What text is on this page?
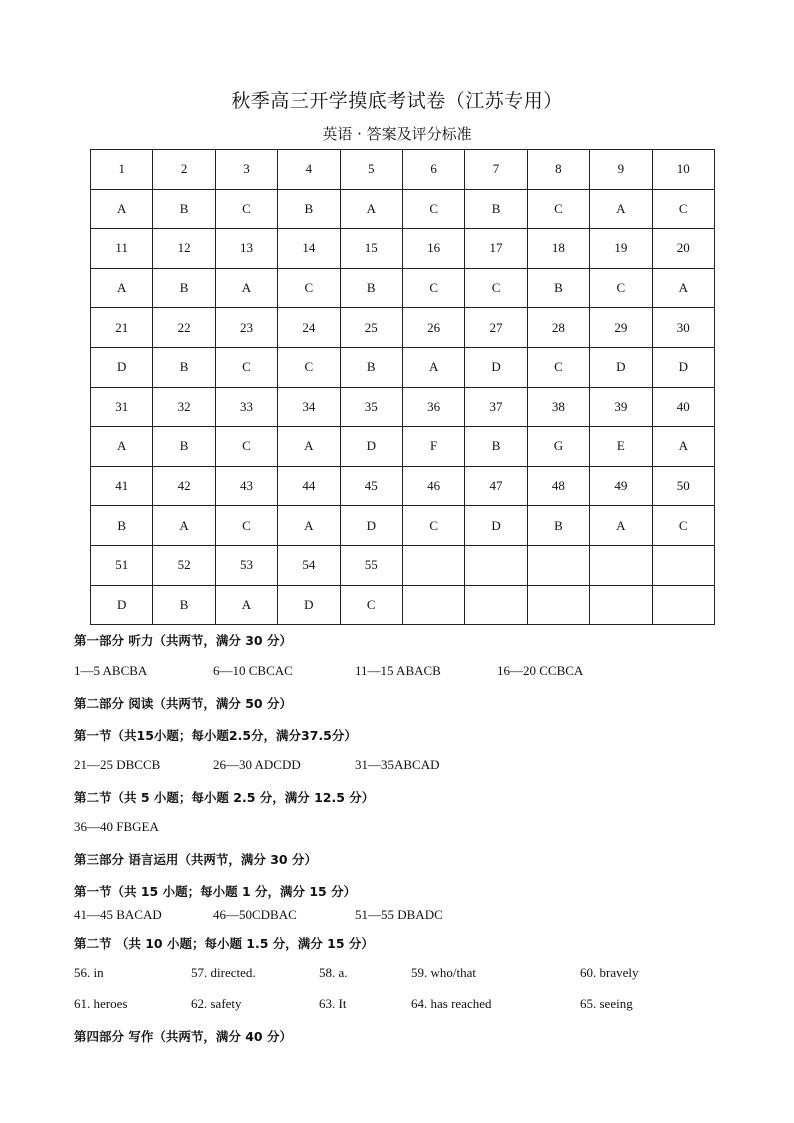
秋季高三开学摸底考试卷（江苏专用）
英语 · 答案及评分标准
1	2	3	4	5	6	7	8	9	10
A	B	C	B	A	C	B	C	A	C
11	12	13	14	15	16	17	18	19	20
A	B	A	C	B	C	C	B	C	A
21	22	23	24	25	26	27	28	29	30
D	B	C	C	B	A	D	C	D	D
31	32	33	34	35	36	37	38	39	40
A	B	C	A	D	F	B	G	E	A
41	42	43	44	45	46	47	48	49	50
B	A	C	A	D	C	D	B	A	C
51	52	53	54	55					
D	B	A	D	C					
第一部分 听力（共两节，满分 30 分）
1—5 ABCBA	6—10 CBCAC	11—15 ABACB	16—20 CCBCA
第二部分 阅读（共两节，满分 50 分）
第一节（共15小题；每小题2.5分，满分37.5分）
21—25 DBCCB	26—30 ADCDD	31—35ABCAD
第二节（共 5 小题；每小题 2.5 分，满分 12.5 分）
36—40 FBGEA
第三部分 语言运用（共两节，满分 30 分）
第一节（共 15 小题；每小题 1 分，满分 15 分）
41—45 BACAD	46—50CDBAC	51—55 DBADC
第二节 （共 10 小题；每小题 1.5 分，满分 15 分）
56. in	57. directed.	58. a.	59. who/that	60. bravely
61. heroes	62. safety	63. It	64. has reached	65. seeing
第四部分 写作（共两节，满分 40 分）
